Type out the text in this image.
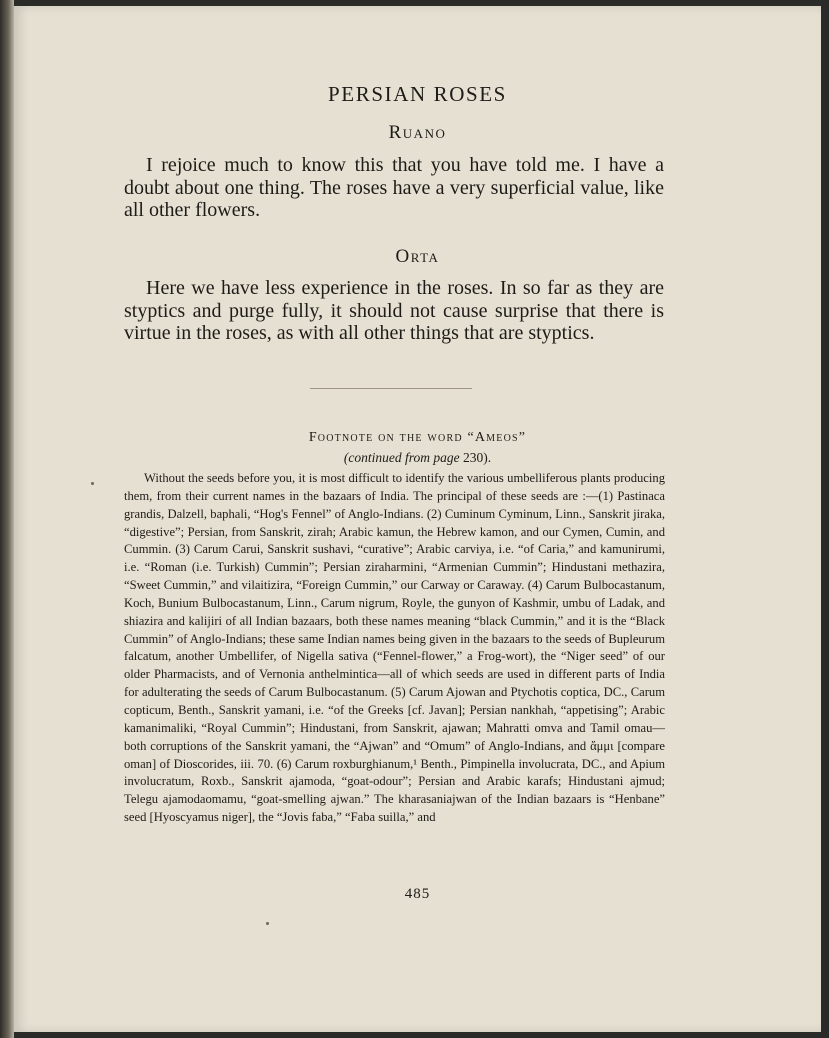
PERSIAN ROSES
Ruano

I rejoice much to know this that you have told me. I have a doubt about one thing. The roses have a very superficial value, like all other flowers.

Orta

Here we have less experience in the roses. In so far as they are styptics and purge fully, it should not cause surprise that there is virtue in the roses, as with all other things that are styptics.

Footnote on the word “Ameos”
(continued from page 230).

Without the seeds before you, it is most difficult to identify the various umbelliferous plants producing them, from their current names in the bazaars of India. The principal of these seeds are :—(1) Pastinaca grandis, Dalzell, baphali, “Hog's Fennel” of Anglo-Indians. (2) Cuminum Cyminum, Linn., Sanskrit jiraka, “digestive”; Persian, from Sanskrit, zirah; Arabic kamun, the Hebrew kamon, and our Cymen, Cumin, and Cummin. (3) Carum Carui, Sanskrit sushavi, “curative”; Arabic carviya, i.e. “of Caria,” and kamunirumi, i.e. “Roman (i.e. Turkish) Cummin”; Persian ziraharmini, “Armenian Cummin”; Hindustani methazira, “Sweet Cummin,” and vilaitizira, “Foreign Cummin,” our Carway or Caraway. (4) Carum Bulbocastanum, Koch, Bunium Bulbocastanum, Linn., Carum nigrum, Royle, the gunyon of Kashmir, umbu of Ladak, and shiazira and kalijiri of all Indian bazaars, both these names meaning “black Cummin,” and it is the “Black Cummin” of Anglo-Indians; these same Indian names being given in the bazaars to the seeds of Bupleurum falcatum, another Umbellifer, of Nigella sativa (“Fennel-flower,” a Frog-wort), the “Niger seed” of our older Pharmacists, and of Vernonia anthelmintica—all of which seeds are used in different parts of India for adulterating the seeds of Carum Bulbocastanum. (5) Carum Ajowan and Ptychotis coptica, DC., Carum copticum, Benth., Sanskrit yamani, i.e. “of the Greeks [cf. Javan]; Persian nankhah, “appetising”; Arabic kamanimaliki, “Royal Cummin”; Hindustani, from Sanskrit, ajawan; Mahratti omva and Tamil omau—both corruptions of the Sanskrit yamani, the “Ajwan” and “Omum” of Anglo-Indians, and ἄμμι [compare oman] of Dioscorides, iii. 70. (6) Carum roxburghianum,¹ Benth., Pimpinella involucrata, DC., and Apium involucratum, Roxb., Sanskrit ajamoda, “goat-odour”; Persian and Arabic karafs; Hindustani ajmud; Telegu ajamodaomamu, “goat-smelling ajwan.” The kharasaniajwan of the Indian bazaars is “Henbane” seed [Hyoscyamus niger], the “Jovis faba,” “Faba suilla,” and

485
